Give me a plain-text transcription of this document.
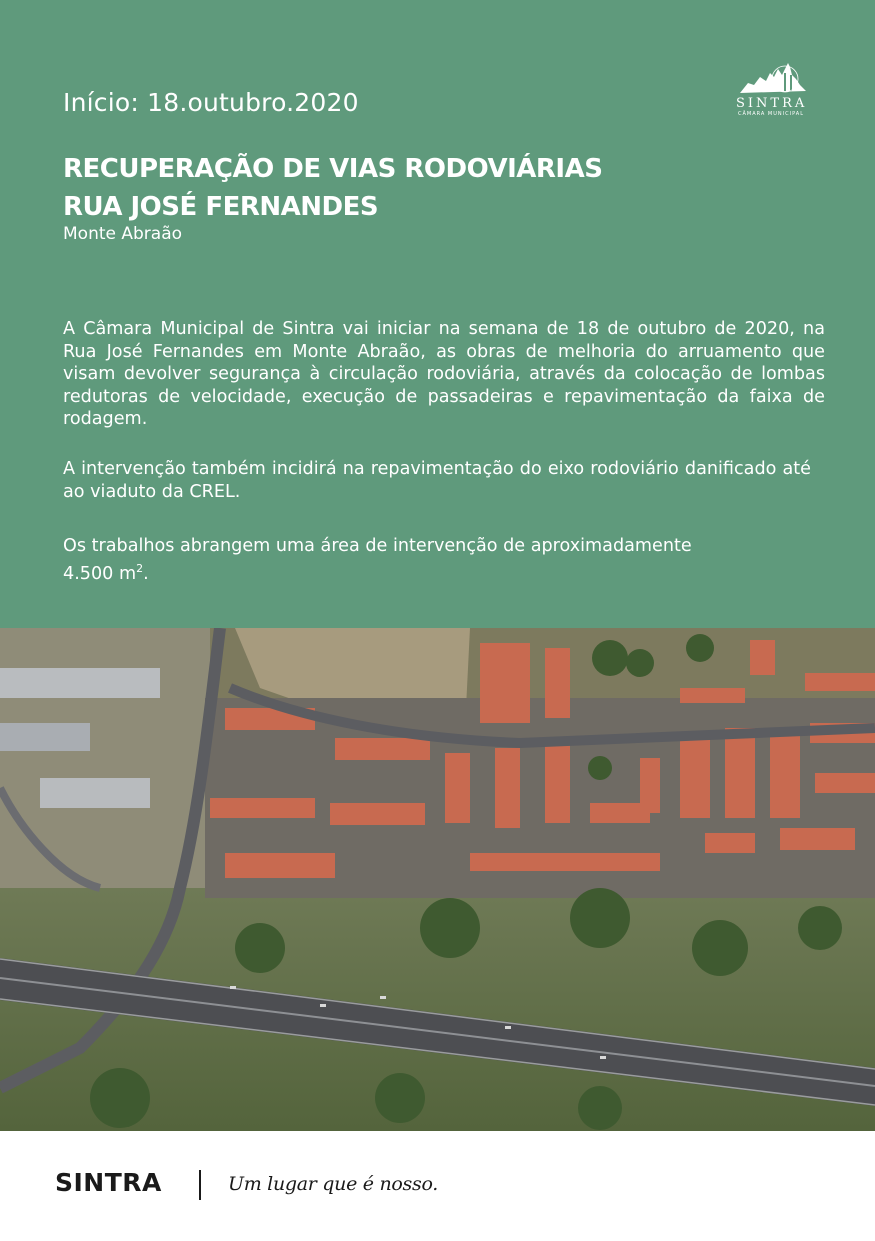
Início: 18.outubro.2020
RECUPERAÇÃO DE VIAS RODOVIÁRIAS
RUA JOSÉ FERNANDES
Monte Abraão
SINTRA
CÂMARA MUNICIPAL
A Câmara Municipal de Sintra vai iniciar na semana de 18 de outubro de 2020, na Rua José Fernandes em Monte Abraão, as obras de melhoria do arruamento que visam devolver segurança à circulação rodoviária, através da colocação de lombas redutoras de velocidade, execução de passadeiras e repavimentação da faixa de rodagem.
A intervenção também incidirá na repavimentação do eixo rodoviário danificado até ao viaduto da CREL.
Os trabalhos abrangem uma área de intervenção de aproximadamente
4.500 $m^2$.
SINTRA	Um lugar que é nosso.
